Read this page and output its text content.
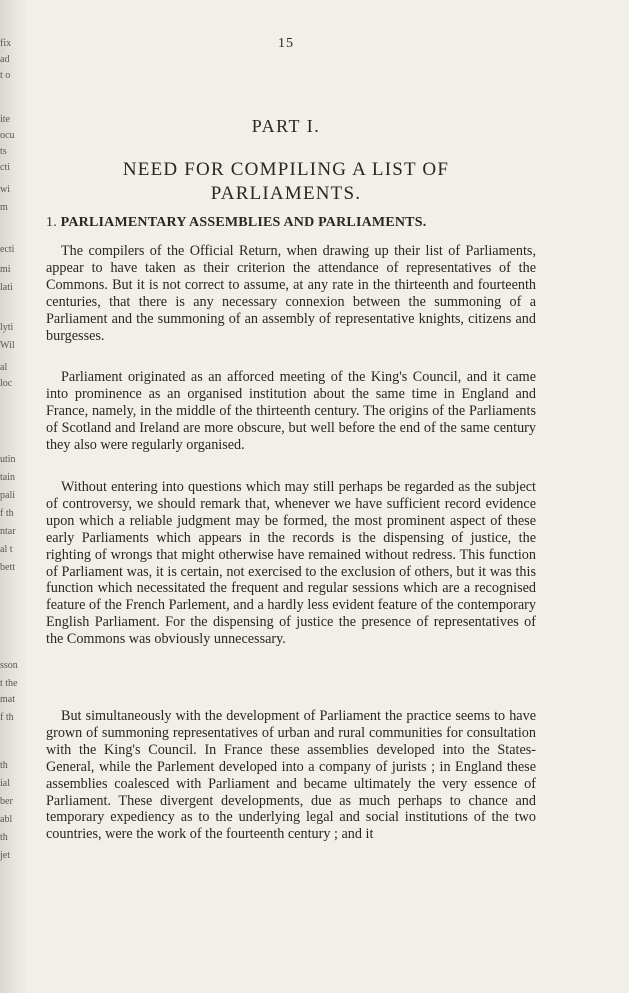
fix
ad
t o
ite
ocu
ts
cti
wi
m
ecti
mi
lati
lyti
Wil
al
loc
utin
tain
pali
f th
ntar
al t
bett
sson
t the
mat
f th
th
ial
ber
abl
th
jet
15
PART I.
NEED FOR COMPILING A LIST OF
PARLIAMENTS.
1. PARLIAMENTARY ASSEMBLIES AND PARLIAMENTS.

The compilers of the Official Return, when drawing up their list of Parliaments, appear to have taken as their criterion the attendance of representatives of the Commons. But it is not correct to assume, at any rate in the thirteenth and fourteenth centuries, that there is any necessary connexion between the summoning of a Parliament and the summoning of an assembly of representative knights, citizens and burgesses.

Parliament originated as an afforced meeting of the King's Council, and it came into prominence as an organised institution about the same time in England and France, namely, in the middle of the thirteenth century. The origins of the Parliaments of Scotland and Ireland are more obscure, but well before the end of the same century they also were regularly organised.

Without entering into questions which may still perhaps be regarded as the subject of controversy, we should remark that, whenever we have sufficient record evidence upon which a reliable judgment may be formed, the most prominent aspect of these early Parliaments which appears in the records is the dispensing of justice, the righting of wrongs that might otherwise have remained without redress. This function of Parliament was, it is certain, not exercised to the exclusion of others, but it was this function which necessitated the frequent and regular sessions which are a recognised feature of the French Parlement, and a hardly less evident feature of the contemporary English Parliament. For the dispensing of justice the presence of representatives of the Commons was obviously unnecessary.

But simultaneously with the development of Parliament the practice seems to have grown of summoning representatives of urban and rural communities for consultation with the King's Council. In France these assemblies developed into the States-General, while the Parlement developed into a company of jurists ; in England these assemblies coalesced with Parliament and became ultimately the very essence of Parliament. These divergent developments, due as much perhaps to chance and temporary expediency as to the underlying legal and social institutions of the two countries, were the work of the fourteenth century ; and it
